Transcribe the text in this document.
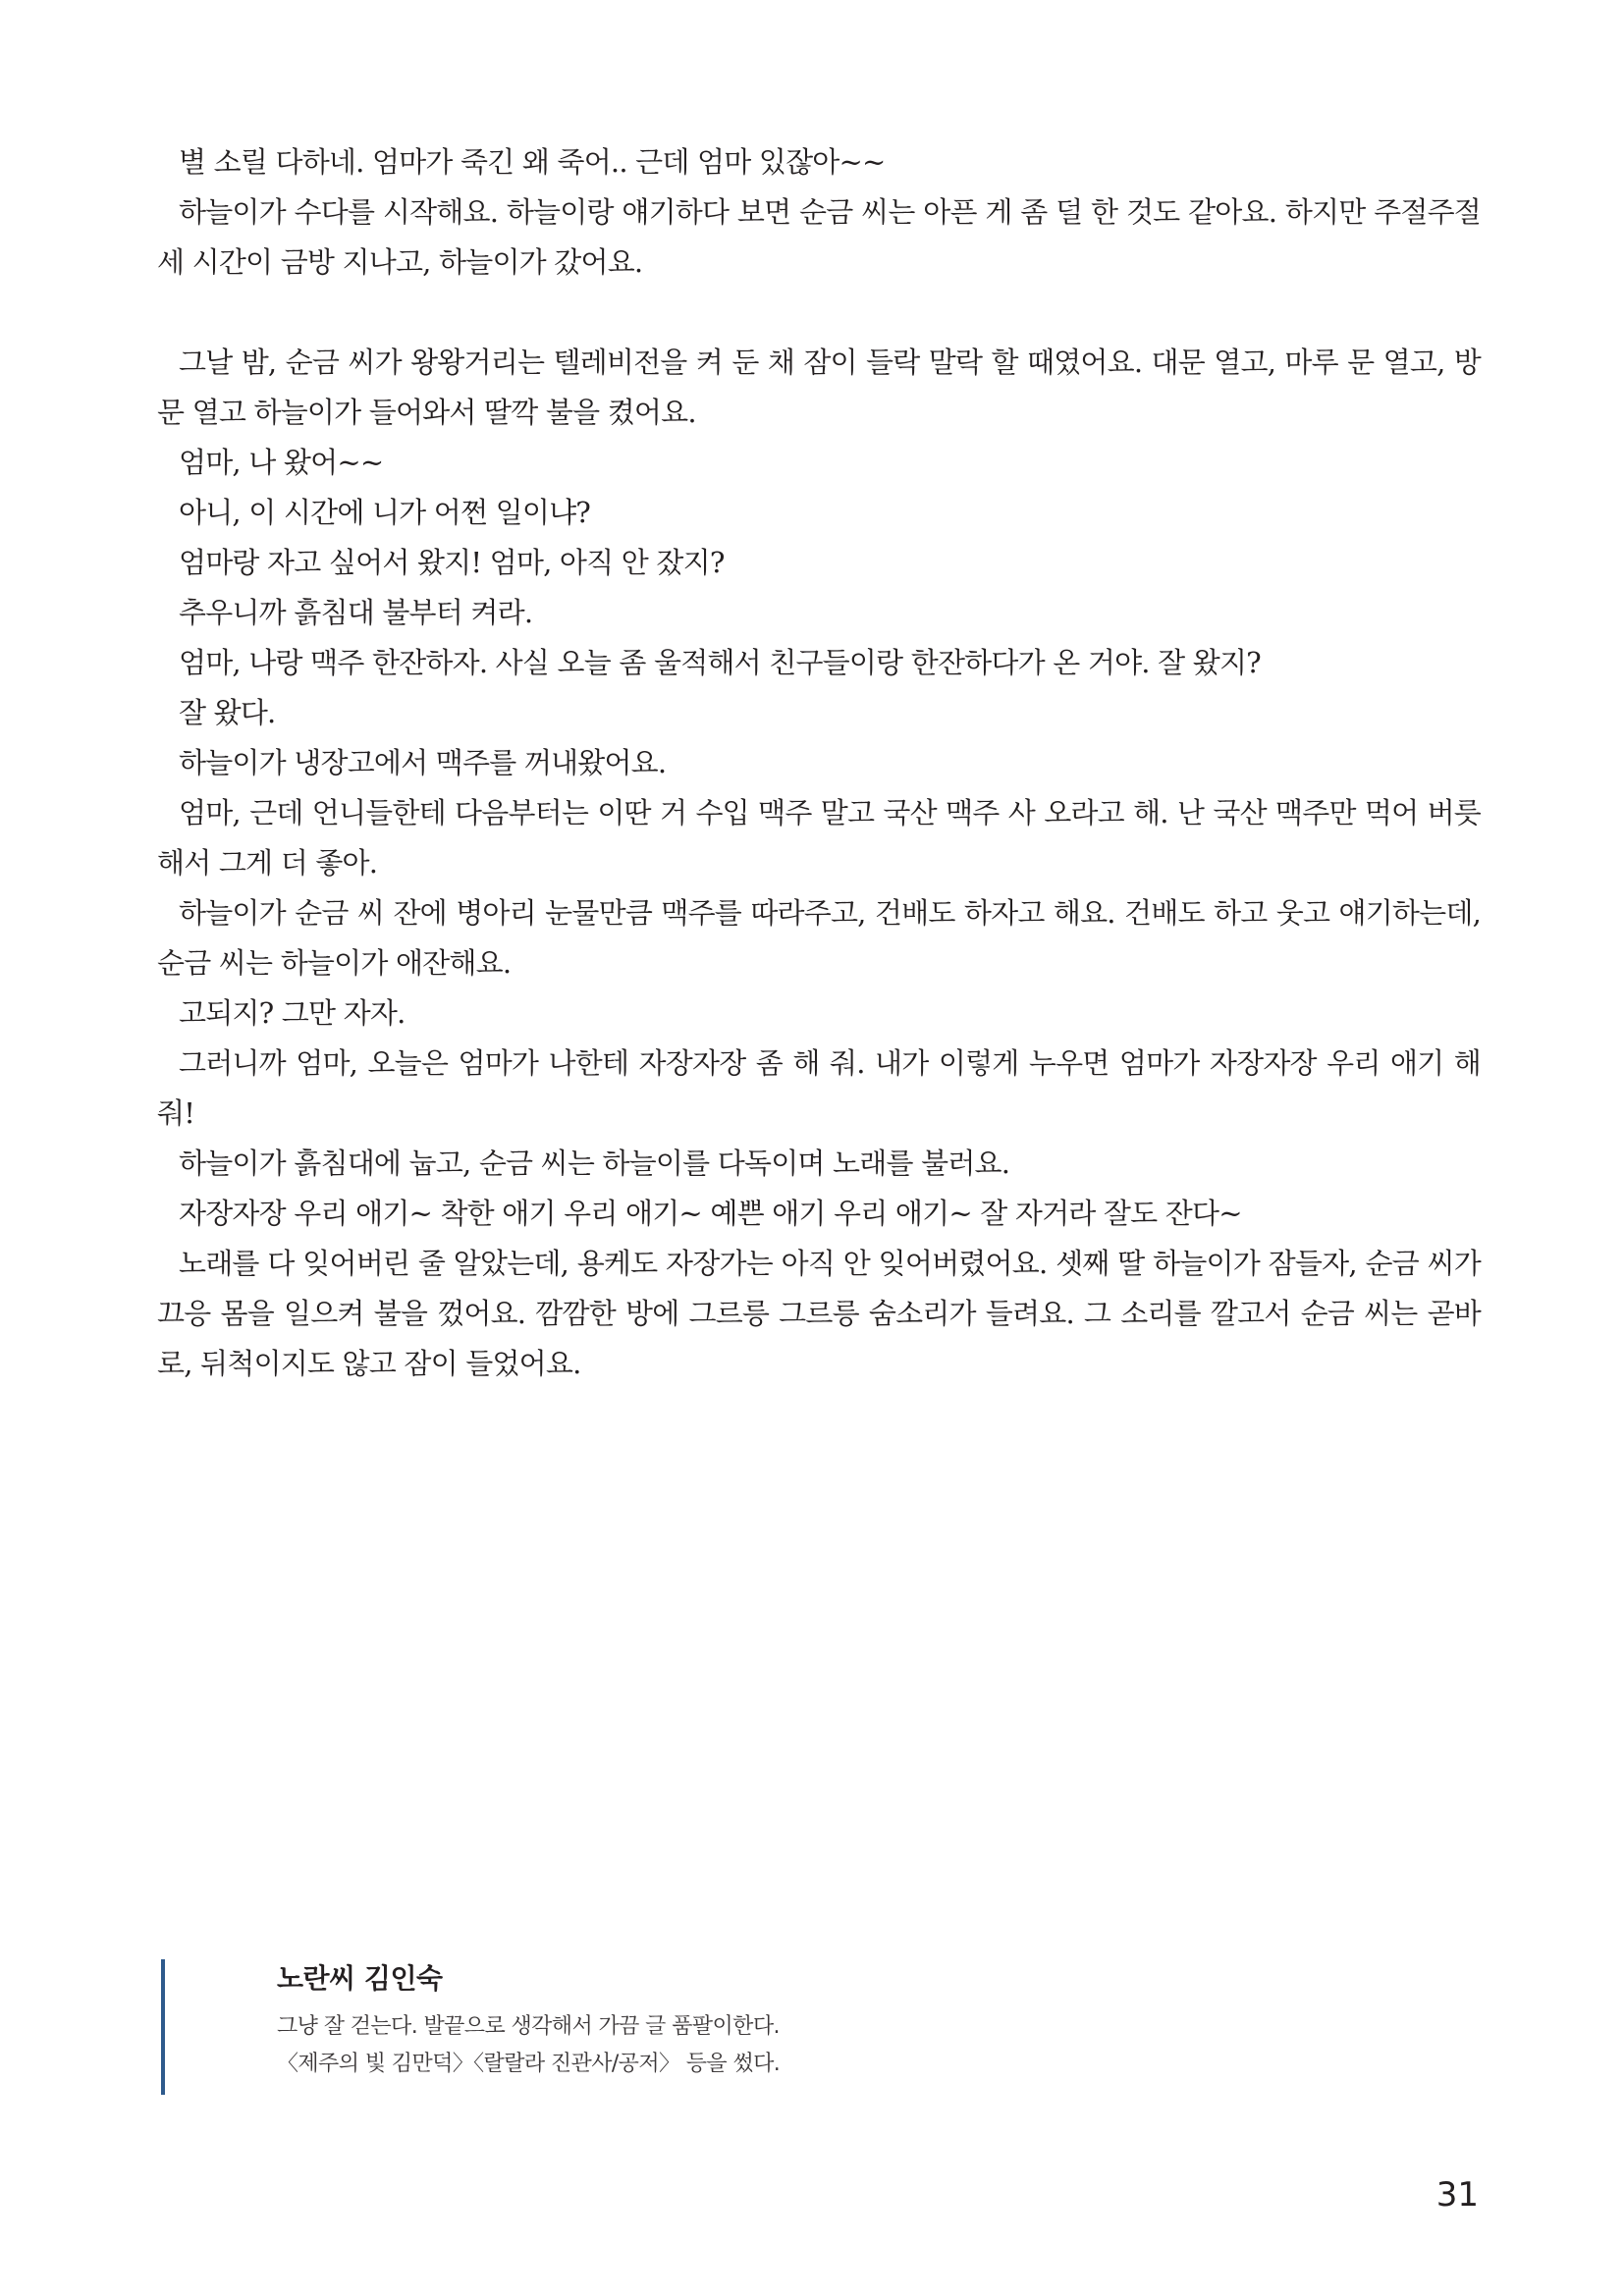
별 소릴 다하네. 엄마가 죽긴 왜 죽어.. 근데 엄마 있잖아~~

하늘이가 수다를 시작해요. 하늘이랑 얘기하다 보면 순금 씨는 아픈 게 좀 덜 한 것도 같아요. 하지만 주절주절 세 시간이 금방 지나고, 하늘이가 갔어요.

그날 밤, 순금 씨가 왕왕거리는 텔레비전을 켜 둔 채 잠이 들락 말락 할 때였어요. 대문 열고, 마루 문 열고, 방문 열고 하늘이가 들어와서 딸깍 불을 켰어요.

엄마, 나 왔어~~

아니, 이 시간에 니가 어쩐 일이냐?

엄마랑 자고 싶어서 왔지! 엄마, 아직 안 잤지?

추우니까 흙침대 불부터 켜라.

엄마, 나랑 맥주 한잔하자. 사실 오늘 좀 울적해서 친구들이랑 한잔하다가 온 거야. 잘 왔지?

잘 왔다.

하늘이가 냉장고에서 맥주를 꺼내왔어요.

엄마, 근데 언니들한테 다음부터는 이딴 거 수입 맥주 말고 국산 맥주 사 오라고 해. 난 국산 맥주만 먹어 버릇해서 그게 더 좋아.

하늘이가 순금 씨 잔에 병아리 눈물만큼 맥주를 따라주고, 건배도 하자고 해요. 건배도 하고 웃고 얘기하는데, 순금 씨는 하늘이가 애잔해요.

고되지? 그만 자자.

그러니까 엄마, 오늘은 엄마가 나한테 자장자장 좀 해 줘. 내가 이렇게 누우면 엄마가 자장자장 우리 애기 해 줘!

하늘이가 흙침대에 눕고, 순금 씨는 하늘이를 다독이며 노래를 불러요.

자장자장 우리 애기~ 착한 애기 우리 애기~ 예쁜 애기 우리 애기~ 잘 자거라 잘도 잔다~

노래를 다 잊어버린 줄 알았는데, 용케도 자장가는 아직 안 잊어버렸어요. 셋째 딸 하늘이가 잠들자, 순금 씨가 끄응 몸을 일으켜 불을 껐어요. 깜깜한 방에 그르릉 그르릉 숨소리가 들려요. 그 소리를 깔고서 순금 씨는 곧바로, 뒤척이지도 않고 잠이 들었어요.

노란씨 김인숙

그냥 잘 걷는다. 발끝으로 생각해서 가끔 글 품팔이한다.

〈제주의 빛 김만덕〉〈랄랄라 진관사/공저〉 등을 썼다.

31
